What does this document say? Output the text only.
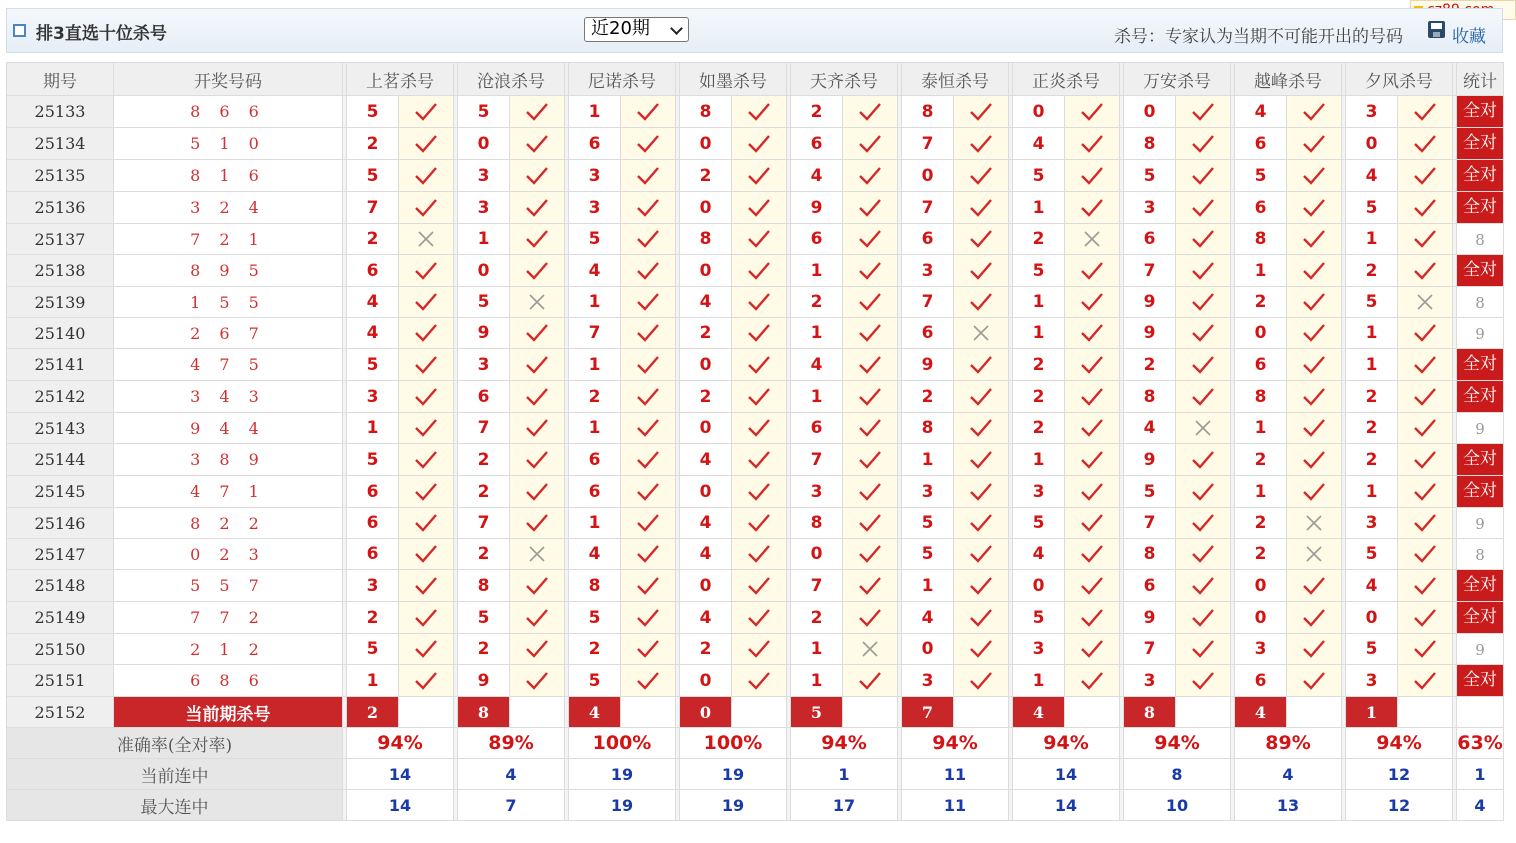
排3直选十位杀号	近20期	杀号：专家认为当期不可能开出的号码	收藏
期号	开奖号码		上茗杀号			沧浪杀号			尼诺杀号			如墨杀号			天齐杀号			泰恒杀号			正炎杀号			万安杀号			越峰杀号			夕风杀号			统计
25133	8 6 6		5			5			1			8			2			8			0			0			4			3			全对
25134	5 1 0		2			0			6			0			6			7			4			8			6			0			全对
25135	8 1 6		5			3			3			2			4			0			5			5			5			4			全对
25136	3 2 4		7			3			3			0			9			7			1			3			6			5			全对
25137	7 2 1		2			1			5			8			6			6			2			6			8			1			8
25138	8 9 5		6			0			4			0			1			3			5			7			1			2			全对
25139	1 5 5		4			5			1			4			2			7			1			9			2			5			8
25140	2 6 7		4			9			7			2			1			6			1			9			0			1			9
25141	4 7 5		5			3			1			0			4			9			2			2			6			1			全对
25142	3 4 3		3			6			2			2			1			2			2			8			8			2			全对
25143	9 4 4		1			7			1			0			6			8			2			4			1			2			9
25144	3 8 9		5			2			6			4			7			1			1			9			2			2			全对
25145	4 7 1		6			2			6			0			3			3			3			5			1			1			全对
25146	8 2 2		6			7			1			4			8			5			5			7			2			3			9
25147	0 2 3		6			2			4			4			0			5			4			8			2			5			8
25148	5 5 7		3			8			8			0			7			1			0			6			0			4			全对
25149	7 7 2		2			5			5			4			2			4			5			9			0			0			全对
25150	2 1 2		5			2			2			2			1			0			3			7			3			5			9
25151	6 8 6		1			9			5			0			1			3			1			3			6			3			全对
25152	当前期杀号		2			8			4			0			5			7			4			8			4			1			
准确率(全对率)			94%			89%			100%			100%			94%			94%			94%			94%			89%			94%			63%
当前连中			14			4			19			19			1			11			14			8			4			12			1
最大连中			14			7			19			19			17			11			14			10			13			12			4
